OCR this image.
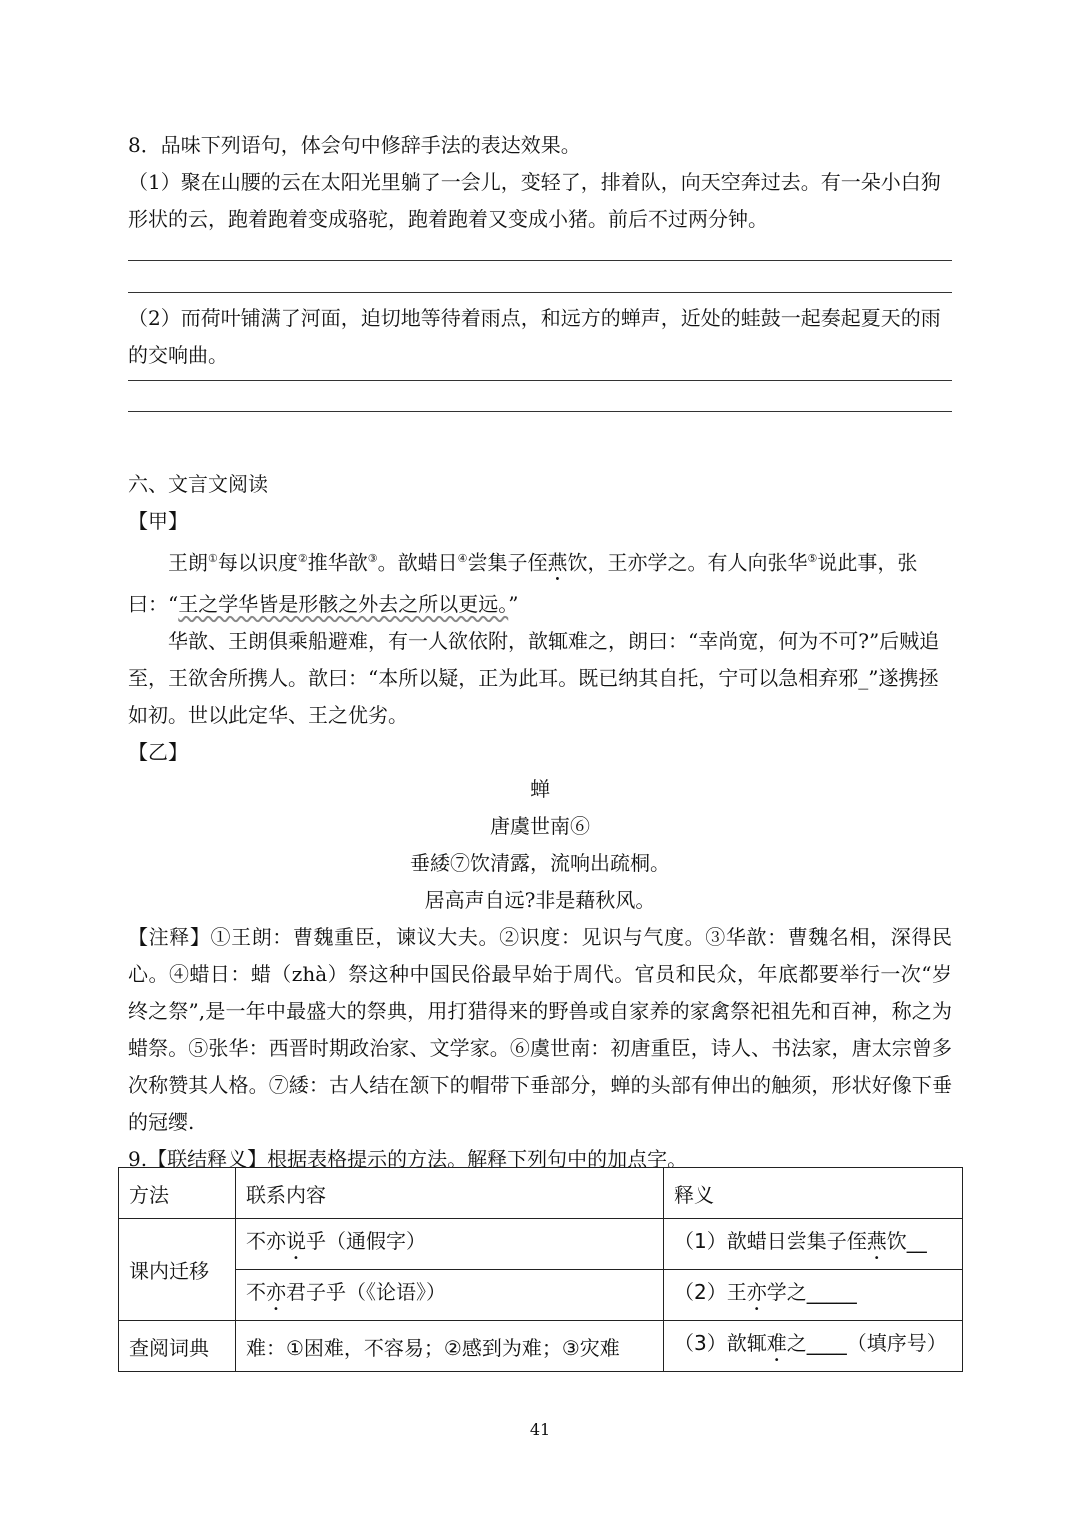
8．品味下列语句，体会句中修辞手法的表达效果。

（1）聚在山腰的云在太阳光里躺了一会儿，变轻了，排着队，向天空奔过去。有一朵小白狗形状的云，跑着跑着变成骆驼，跑着跑着又变成小猪。前后不过两分钟。

（2）而荷叶铺满了河面，迫切地等待着雨点，和远方的蝉声，近处的蛙鼓一起奏起夏天的雨的交响曲。

六、文言文阅读

【甲】

王朗①每以识度②推华歆③。歆蜡日④尝集子侄燕饮，王亦学之。有人向张华⑤说此事，张曰：“王之学华皆是形骸之外去之所以更远。”

华歆、王朗俱乘船避难，有一人欲依附，歆辄难之，朗曰：“幸尚宽，何为不可?”后贼追至，王欲舍所携人。歆曰：“本所以疑，正为此耳。既已纳其自托，宁可以急相弃邪_”遂携拯如初。世以此定华、王之优劣。

【乙】

蝉

唐虞世南⑥

垂緌⑦饮清露，流响出疏桐。

居高声自远?非是藉秋风。

【注释】①王朗：曹魏重臣，谏议大夫。②识度：见识与气度。③华歆：曹魏名相，深得民心。④蜡日：蜡（zhà）祭这种中国民俗最早始于周代。官员和民众，年底都要举行一次“岁终之祭”,是一年中最盛大的祭典，用打猎得来的野兽或自家养的家禽祭祀祖先和百神，称之为蜡祭。⑤张华：西晋时期政治家、文学家。⑥虞世南：初唐重臣，诗人、书法家，唐太宗曾多次称赞其人格。⑦緌：古人结在颔下的帽带下垂部分，蝉的头部有伸出的触须，形状好像下垂的冠缨.

9.【联结释义】根据表格提示的方法。解释下列句中的加点字。

方法	联系内容	释义
课内迁移	不亦说乎（通假字）	（1）歆蜡日尝集子侄燕饮__
	不亦君子乎（《论语》）	（2）王亦学之_____
查阅词典	难：①困难，不容易；②感到为难；③灾难	（3）歆辄难之____（填序号）
41
